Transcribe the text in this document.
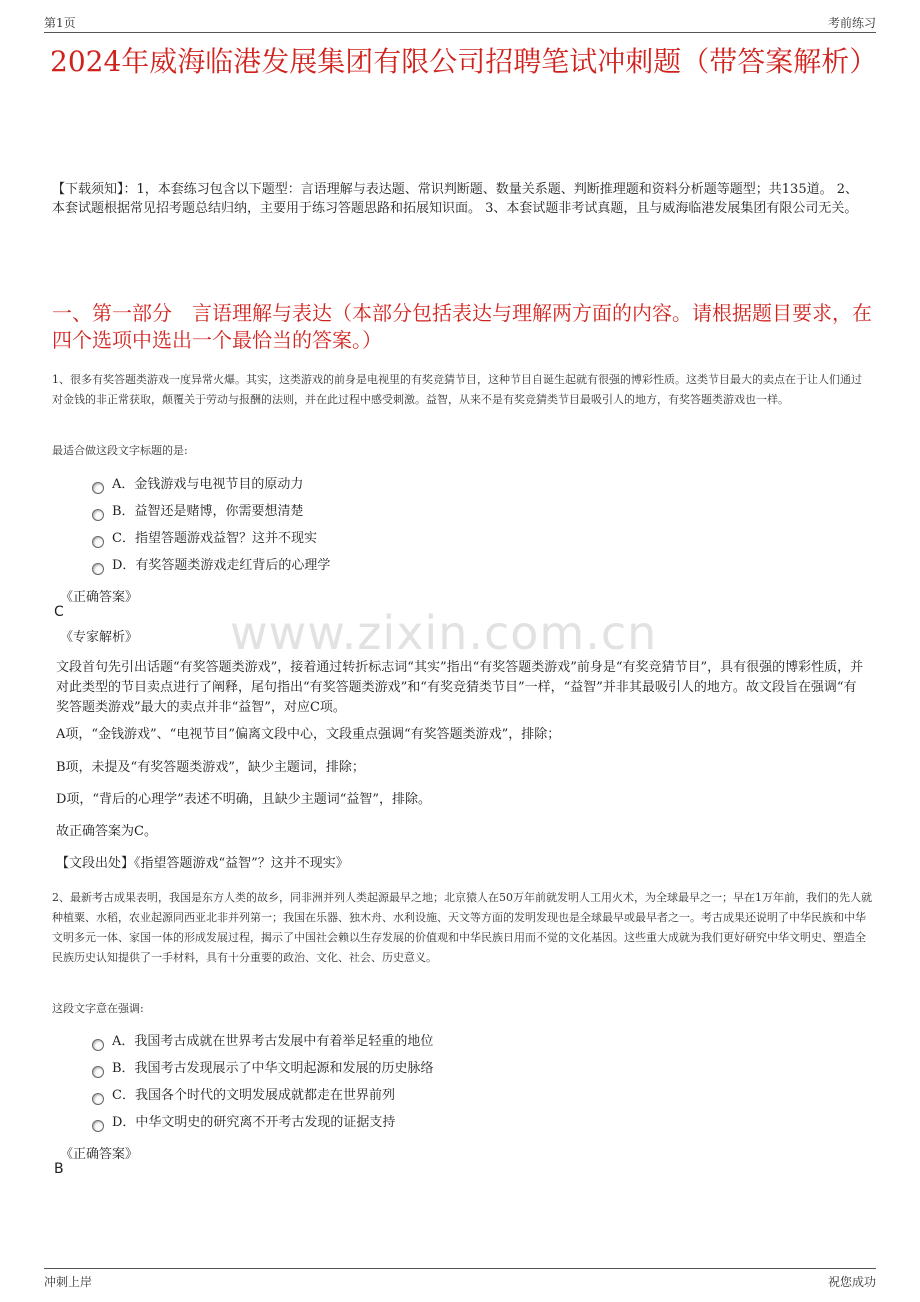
第1页	考前练习
2024年威海临港发展集团有限公司招聘笔试冲刺题（带答案解析）
【下载须知】：1，本套练习包含以下题型：言语理解与表达题、常识判断题、数量关系题、判断推理题和资料分析题等题型；共135道。 2、本套试题根据常见招考题总结归纳，主要用于练习答题思路和拓展知识面。 3、本套试题非考试真题，且与威海临港发展集团有限公司无关。
一、第一部分　言语理解与表达（本部分包括表达与理解两方面的内容。请根据题目要求，在四个选项中选出一个最恰当的答案。）
1、很多有奖答题类游戏一度异常火爆。其实，这类游戏的前身是电视里的有奖竞猜节目，这种节目自诞生起就有很强的博彩性质。这类节目最大的卖点在于让人们通过对金钱的非正常获取，颠覆关于劳动与报酬的法则，并在此过程中感受刺激。益智，从来不是有奖竞猜类节目最吸引人的地方，有奖答题类游戏也一样。
最适合做这段文字标题的是:
A．金钱游戏与电视节目的原动力
B．益智还是赌博，你需要想清楚
C．指望答题游戏益智？这并不现实
D．有奖答题类游戏走红背后的心理学
《正确答案》
C
《专家解析》 www.zixin.com.cn
文段首句先引出话题“有奖答题类游戏”，接着通过转折标志词“其实”指出“有奖答题类游戏”前身是“有奖竞猜节目”，具有很强的博彩性质，并对此类型的节目卖点进行了阐释，尾句指出“有奖答题类游戏”和“有奖竞猜类节目”一样，“益智”并非其最吸引人的地方。故文段旨在强调“有奖答题类游戏”最大的卖点并非“益智”，对应C项。
A项，“金钱游戏”、“电视节目”偏离文段中心，文段重点强调“有奖答题类游戏”，排除；
B项，未提及“有奖答题类游戏”，缺少主题词，排除；
D项，“背后的心理学”表述不明确，且缺少主题词“益智”，排除。
故正确答案为C。
【文段出处】《指望答题游戏“益智”？这并不现实》
2、最新考古成果表明，我国是东方人类的故乡，同非洲并列人类起源最早之地；北京猿人在50万年前就发明人工用火术，为全球最早之一；早在1万年前，我们的先人就种植粟、水稻，农业起源同西亚北非并列第一；我国在乐器、独木舟、水利设施、天文等方面的发明发现也是全球最早或最早者之一。考古成果还说明了中华民族和中华文明多元一体、家国一体的形成发展过程，揭示了中国社会赖以生存发展的价值观和中华民族日用而不觉的文化基因。这些重大成就为我们更好研究中华文明史、塑造全民族历史认知提供了一手材料，具有十分重要的政治、文化、社会、历史意义。
这段文字意在强调:
A．我国考古成就在世界考古发展中有着举足轻重的地位
B．我国考古发现展示了中华文明起源和发展的历史脉络
C．我国各个时代的文明发展成就都走在世界前列
D．中华文明史的研究离不开考古发现的证据支持
《正确答案》
B
冲刺上岸	祝您成功
